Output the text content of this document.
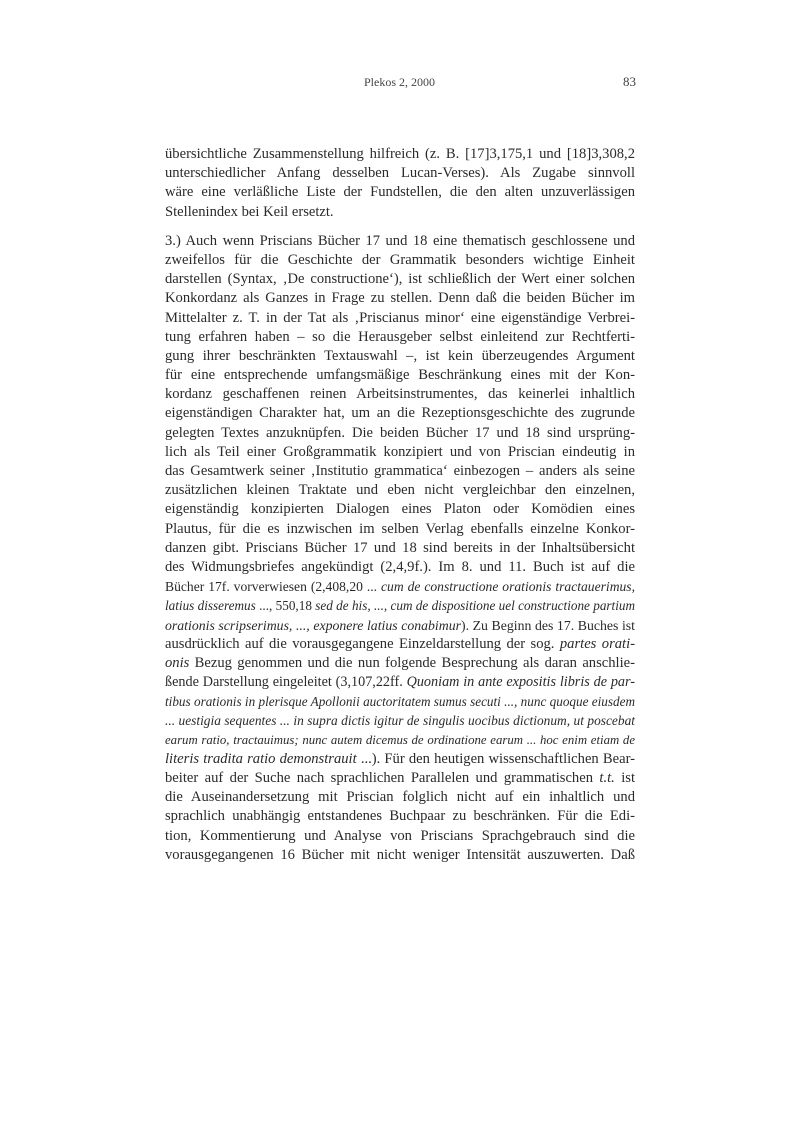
Plekos 2, 2000	83
übersichtliche Zusammenstellung hilfreich (z. B. [17]3,175,1 und [18]3,308,2
unterschiedlicher Anfang desselben Lucan-Verses). Als Zugabe sinnvoll
wäre eine verläßliche Liste der Fundstellen, die den alten unzuverlässigen
Stellenindex bei Keil ersetzt.
3.) Auch wenn Priscians Bücher 17 und 18 eine thematisch geschlossene und
zweifellos für die Geschichte der Grammatik besonders wichtige Einheit
darstellen (Syntax, ‚De constructione‘), ist schließlich der Wert einer solchen
Konkordanz als Ganzes in Frage zu stellen. Denn daß die beiden Bücher im
Mittelalter z. T. in der Tat als ‚Priscianus minor‘ eine eigenständige Verbrei-
tung erfahren haben – so die Herausgeber selbst einleitend zur Rechtferti-
gung ihrer beschränkten Textauswahl –, ist kein überzeugendes Argument
für eine entsprechende umfangsmäßige Beschränkung eines mit der Kon-
kordanz geschaffenen reinen Arbeitsinstrumentes, das keinerlei inhaltlich
eigenständigen Charakter hat, um an die Rezeptionsgeschichte des zugrunde
gelegten Textes anzuknüpfen. Die beiden Bücher 17 und 18 sind ursprüng-
lich als Teil einer Großgrammatik konzipiert und von Priscian eindeutig in
das Gesamtwerk seiner ‚Institutio grammatica‘ einbezogen – anders als seine
zusätzlichen kleinen Traktate und eben nicht vergleichbar den einzelnen,
eigenständig konzipierten Dialogen eines Platon oder Komödien eines
Plautus, für die es inzwischen im selben Verlag ebenfalls einzelne Konkor-
danzen gibt. Priscians Bücher 17 und 18 sind bereits in der Inhaltsübersicht
des Widmungsbriefes angekündigt (2,4,9f.). Im 8. und 11. Buch ist auf die
Bücher 17f. vorverwiesen (2,408,20 ... cum de constructione orationis tractauerimus,
latius disseremus ..., 550,18 sed de his, ..., cum de dispositione uel constructione partium
orationis scripserimus, ..., exponere latius conabimur). Zu Beginn des 17. Buches ist
ausdrücklich auf die vorausgegangene Einzeldarstellung der sog. partes orati-
onis Bezug genommen und die nun folgende Besprechung als daran anschlie-
ßende Darstellung eingeleitet (3,107,22ff. Quoniam in ante expositis libris de par-
tibus orationis in plerisque Apollonii auctoritatem sumus secuti ..., nunc quoque eiusdem
... uestigia sequentes ... in supra dictis igitur de singulis uocibus dictionum, ut poscebat
earum ratio, tractauimus; nunc autem dicemus de ordinatione earum ... hoc enim etiam de
literis tradita ratio demonstrauit ...). Für den heutigen wissenschaftlichen Bear-
beiter auf der Suche nach sprachlichen Parallelen und grammatischen t.t. ist
die Auseinandersetzung mit Priscian folglich nicht auf ein inhaltlich und
sprachlich unabhängig entstandenes Buchpaar zu beschränken. Für die Edi-
tion, Kommentierung und Analyse von Priscians Sprachgebrauch sind die
vorausgegangenen 16 Bücher mit nicht weniger Intensität auszuwerten. Daß
